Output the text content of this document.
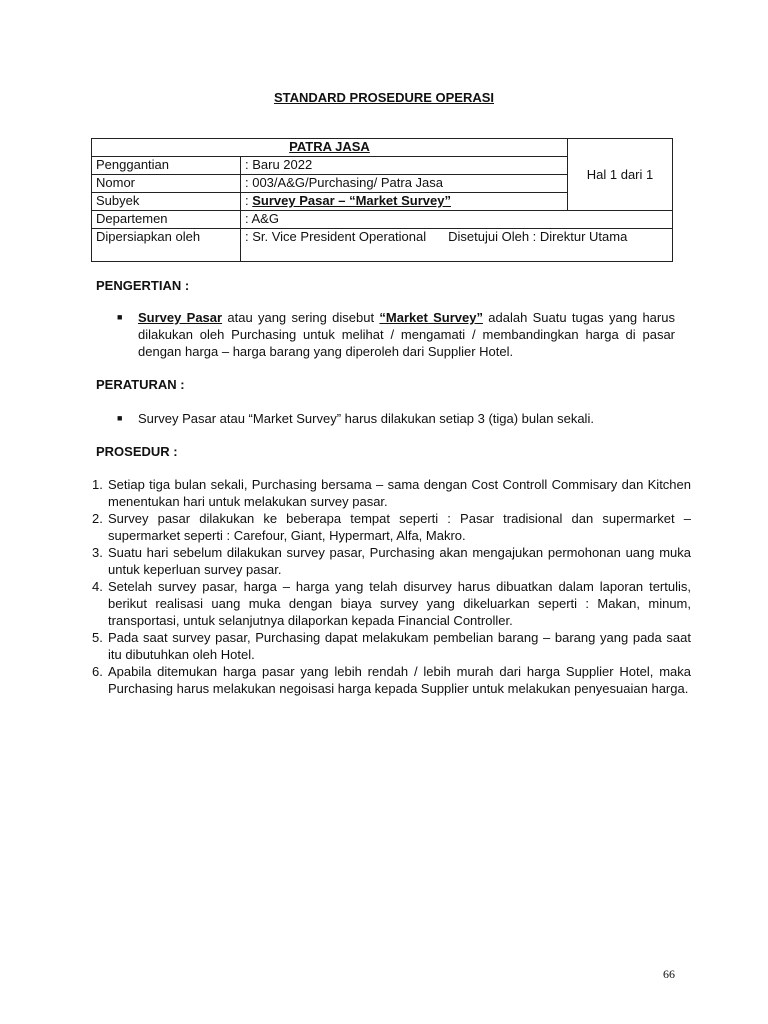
STANDARD PROSEDURE OPERASI
PATRA JASA		Hal 1 dari 1
Penggantian	: Baru 2022	
Nomor	: 003/A&G/Purchasing/ Patra Jasa	
Subyek	: Survey Pasar – “Market Survey”	
Departemen	: A&G	
Dipersiapkan oleh	: Sr. Vice President Operational Disetujui Oleh : Direktur Utama	
PENGERTIAN :
■ Survey Pasar atau yang sering disebut “Market Survey” adalah Suatu tugas yang harus dilakukan oleh Purchasing untuk melihat / mengamati / membandingkan harga di pasar dengan harga – harga barang yang diperoleh dari Supplier Hotel.
PERATURAN :
■ Survey Pasar atau “Market Survey” harus dilakukan setiap 3 (tiga) bulan sekali.
PROSEDUR :
1. Setiap tiga bulan sekali, Purchasing bersama – sama dengan Cost Controll Commisary dan Kitchen menentukan hari untuk melakukan survey pasar.
2. Survey pasar dilakukan ke beberapa tempat seperti : Pasar tradisional dan supermarket – supermarket seperti : Carefour, Giant, Hypermart, Alfa, Makro.
3. Suatu hari sebelum dilakukan survey pasar, Purchasing akan mengajukan permohonan uang muka untuk keperluan survey pasar.
4. Setelah survey pasar, harga – harga yang telah disurvey harus dibuatkan dalam laporan tertulis, berikut realisasi uang muka dengan biaya survey yang dikeluarkan seperti : Makan, minum, transportasi, untuk selanjutnya dilaporkan kepada Financial Controller.
5. Pada saat survey pasar, Purchasing dapat melakukam pembelian barang – barang yang pada saat itu dibutuhkan oleh Hotel.
6. Apabila ditemukan harga pasar yang lebih rendah / lebih murah dari harga Supplier Hotel, maka Purchasing harus melakukan negoisasi harga kepada Supplier untuk melakukan penyesuaian harga.
66
